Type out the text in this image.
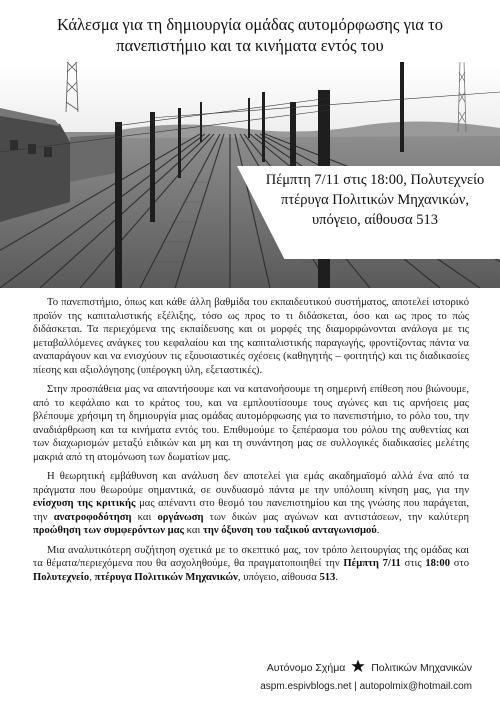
Κάλεσμα για τη δημιουργία ομάδας αυτομόρφωσης για το
πανεπιστήμιο και τα κινήματα εντός του
Πέμπτη 7/11 στις 18:00, Πολυτεχνείο
πτέρυγα Πολιτικών Μηχανικών,
υπόγειο, αίθουσα 513

Το πανεπιστήμιο, όπως και κάθε άλλη βαθμίδα του εκπαιδευτικού συστήματος, αποτελεί ιστορικό προϊόν της καπιταλιστικής εξέλιξης, τόσο ως προς το τι διδάσκεται, όσο και ως προς το πώς διδάσκεται. Τα περιεχόμενα της εκπαίδευσης και οι μορφές της διαμορφώνονται ανάλογα με τις μεταβαλλόμενες ανάγκες του κεφαλαίου και της καπιταλιστικής παραγωγής, φροντίζοντας πάντα να αναπαράγουν και να ενισχύουν τις εξουσιαστικές σχέσεις (καθηγητής – φοιτητής) και τις διαδικασίες πίεσης και αξιολόγησης (υπέρογκη ύλη, εξεταστικές).

Στην προσπάθεια μας να απαντήσουμε και να κατανοήσουμε τη σημερινή επίθεση που βιώνουμε, από το κεφάλαιο και το κράτος του, και να εμπλουτίσουμε τους αγώνες και τις αρνήσεις μας βλέπουμε χρήσιμη τη δημιουργία μιας ομάδας αυτομόρφωσης για το πανεπιστήμιο, το ρόλο του, την αναδιάρθρωση και τα κινήματα εντός του. Επιθυμούμε το ξεπέρασμα του ρόλου της αυθεντίας και των διαχωρισμών μεταξύ ειδικών και μη και τη συνάντηση μας σε συλλογικές διαδικασίες μελέτης μακριά από τη ατομόνωση των δωματίων μας.

Η θεωρητική εμβάθυνση και ανάλυση δεν αποτελεί για εμάς ακαδημαϊσμό αλλά ένα από τα πράγματα που θεωρούμε σημαντικά, σε συνδυασμό πάντα με την υπόλοιπη κίνηση μας, για την ενίσχυση της κριτικής μας απέναντι στο θεσμό του πανεπιστημίου και της γνώσης που παράγεται, την ανατροφοδότηση και οργάνωση των δικών μας αγώνων και αντιστάσεων, την καλύτερη προώθηση των συμφερόντων μας και την όξυνση του ταξικού ανταγωνισμού.

Μια αναλυτικότερη συζήτηση σχετικά με το σκεπτικό μας, τον τρόπο λειτουργίας της ομάδας και τα θέματα/περιεχόμενα που θα ασχοληθούμε, θα πραγματοποιηθεί την Πέμπτη 7/11 στις 18:00 στο Πολυτεχνείο, πτέρυγα Πολιτικών Μηχανικών, υπόγειο, αίθουσα 513.

Αυτόνομο Σχήμα Πολιτικών Μηχανικών
aspm.espivblogs.net | autopolmix@hotmail.com
